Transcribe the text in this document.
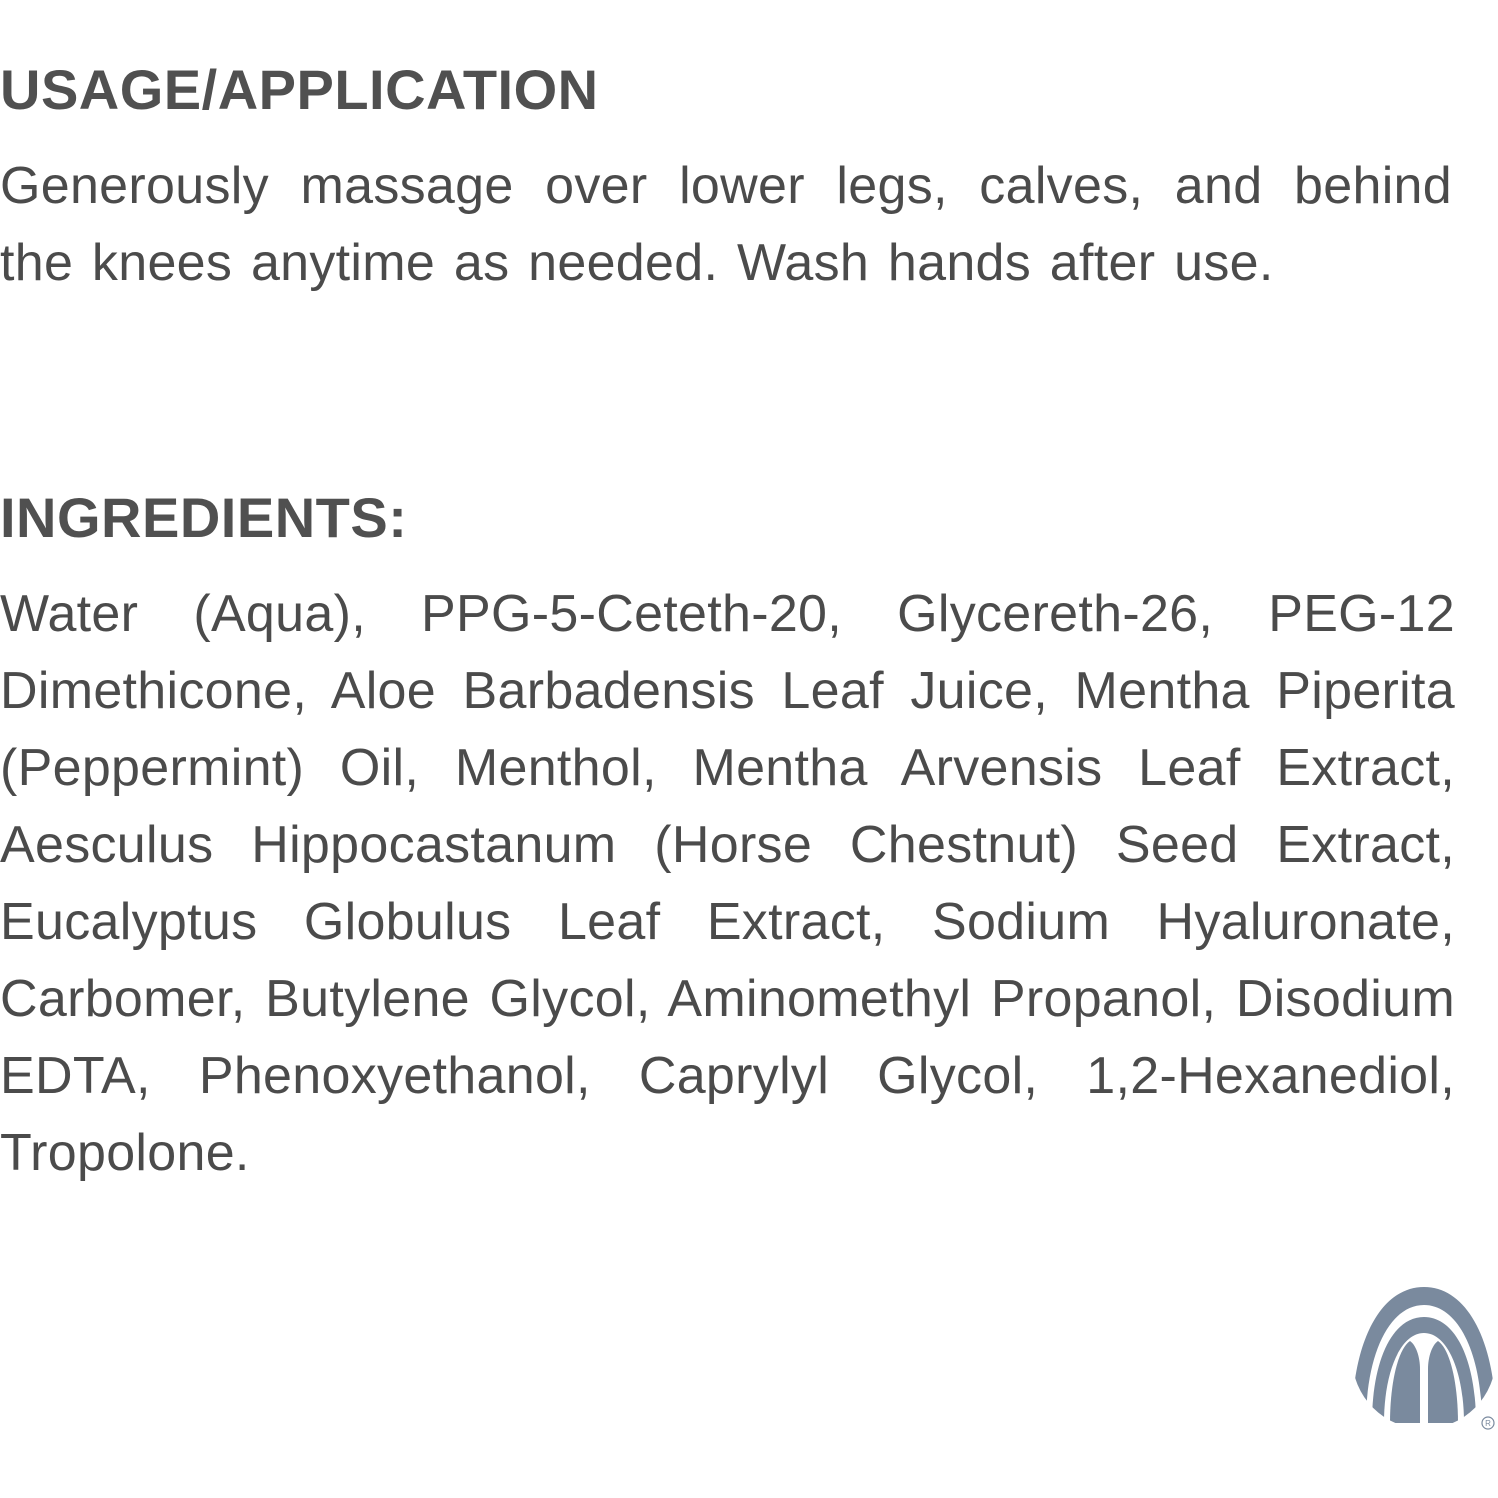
USAGE/APPLICATION

Generously massage over lower legs, calves, and behind the knees anytime as needed. Wash hands after use.

INGREDIENTS:

Water (Aqua), PPG-5-Ceteth-20, Glycereth-26, PEG-12 Dimethicone, Aloe Barbadensis Leaf Juice, Mentha Piperita (Peppermint) Oil, Menthol, Mentha Arvensis Leaf Extract, Aesculus Hippocastanum (Horse Chestnut) Seed Extract, Eucalyptus Globulus Leaf Extract, Sodium Hyaluronate, Carbomer, Butylene Glycol, Aminomethyl Propanol, Disodium EDTA, Phenoxyethanol, Caprylyl Glycol, 1,2-Hexanediol, Tropolone.

R
